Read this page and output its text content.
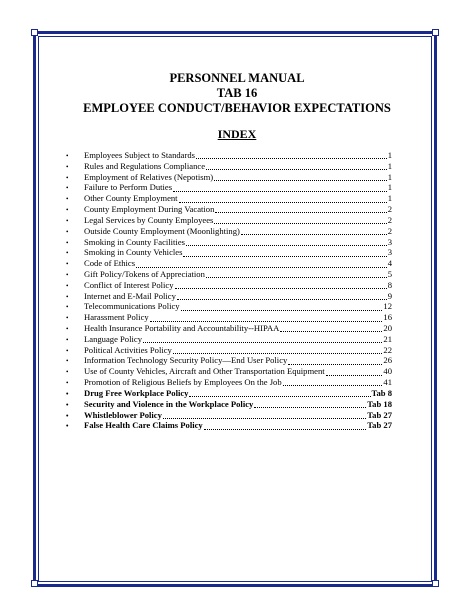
PERSONNEL MANUAL
TAB 16
EMPLOYEE CONDUCT/BEHAVIOR EXPECTATIONS
INDEX
•	Employees Subject to Standards	1
•	Rules and Regulations Compliance	1
•	Employment of Relatives (Nepotism)	1
•	Failure to Perform Duties	1
•	Other County Employment	1
•	County Employment During Vacation	2
•	Legal Services by County Employees	2
•	Outside County Employment (Moonlighting)	2
•	Smoking in County Facilities	3
•	Smoking in County Vehicles	3
•	Code of Ethics	4
•	Gift Policy/Tokens of Appreciation	5
•	Conflict of Interest Policy	8
•	Internet and E-Mail Policy	9
•	Telecommunications Policy	12
•	Harassment Policy	16
•	Health Insurance Portability and Accountability--HIPAA	20
•	Language Policy	21
•	Political Activities Policy	22
•	Information Technology Security Policy—End User Policy	26
•	Use of County Vehicles, Aircraft and Other Transportation Equipment	40
•	Promotion of Religious Beliefs by Employees On the Job	41
•	Drug Free Workplace Policy	Tab 8
•	Security and Violence in the Workplace Policy	Tab 18
•	Whistleblower Policy	Tab 27
•	False Health Care Claims Policy	Tab 27
